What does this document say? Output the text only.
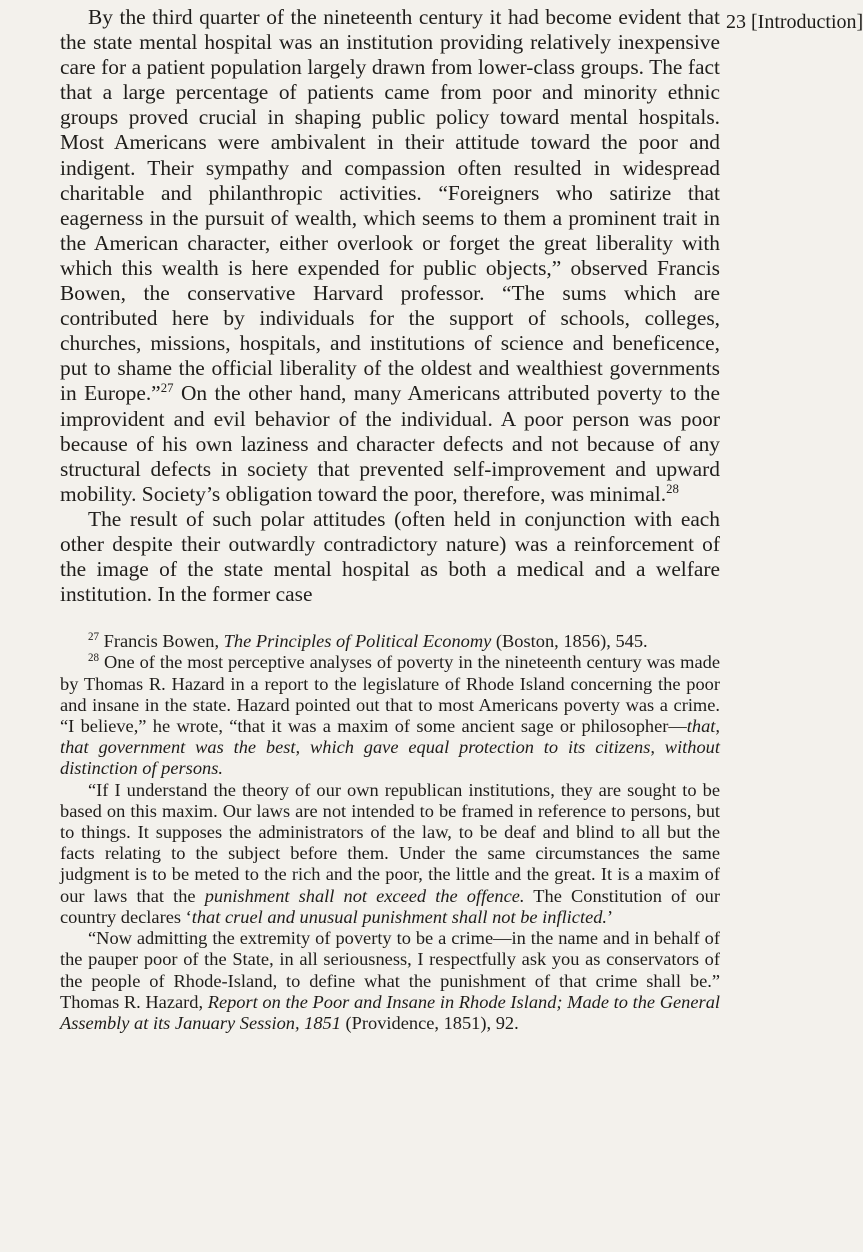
23 [Introduction]

By the third quarter of the nineteenth century it had become evident that the state mental hospital was an institution providing relatively inexpensive care for a patient population largely drawn from lower-class groups. The fact that a large percentage of patients came from poor and minority ethnic groups proved crucial in shaping public policy toward mental hospitals. Most Americans were ambivalent in their attitude toward the poor and indigent. Their sympathy and compassion often resulted in widespread charitable and philanthropic activities. “Foreigners who satirize that eagerness in the pursuit of wealth, which seems to them a prominent trait in the American character, either overlook or forget the great liberality with which this wealth is here expended for public objects,” observed Francis Bowen, the conservative Harvard professor. “The sums which are contributed here by individuals for the support of schools, colleges, churches, missions, hospitals, and institutions of science and beneficence, put to shame the official liberality of the oldest and wealthiest governments in Europe.”$^{27}$ On the other hand, many Americans attributed poverty to the improvident and evil behavior of the individual. A poor person was poor because of his own laziness and character defects and not because of any structural defects in society that prevented self-improvement and upward mobility. Society’s obligation toward the poor, therefore, was minimal.$^{28}$

The result of such polar attitudes (often held in conjunction with each other despite their outwardly contradictory nature) was a reinforcement of the image of the state mental hospital as both a medical and a welfare institution. In the former case

$^{27}$ Francis Bowen, The Principles of Political Economy (Boston, 1856), 545.

$^{28}$ One of the most perceptive analyses of poverty in the nineteenth century was made by Thomas R. Hazard in a report to the legislature of Rhode Island concerning the poor and insane in the state. Hazard pointed out that to most Americans poverty was a crime. “I believe,” he wrote, “that it was a maxim of some ancient sage or philosopher—that, that government was the best, which gave equal protection to its citizens, without distinction of persons.

“If I understand the theory of our own republican institutions, they are sought to be based on this maxim. Our laws are not intended to be framed in reference to persons, but to things. It supposes the administrators of the law, to be deaf and blind to all but the facts relating to the subject before them. Under the same circumstances the same judgment is to be meted to the rich and the poor, the little and the great. It is a maxim of our laws that the punishment shall not exceed the offence. The Constitution of our country declares ‘that cruel and unusual punishment shall not be inflicted.’

“Now admitting the extremity of poverty to be a crime—in the name and in behalf of the pauper poor of the State, in all seriousness, I respectfully ask you as conservators of the people of Rhode-Island, to define what the punishment of that crime shall be.” Thomas R. Hazard, Report on the Poor and Insane in Rhode Island; Made to the General Assembly at its January Session, 1851 (Providence, 1851), 92.
